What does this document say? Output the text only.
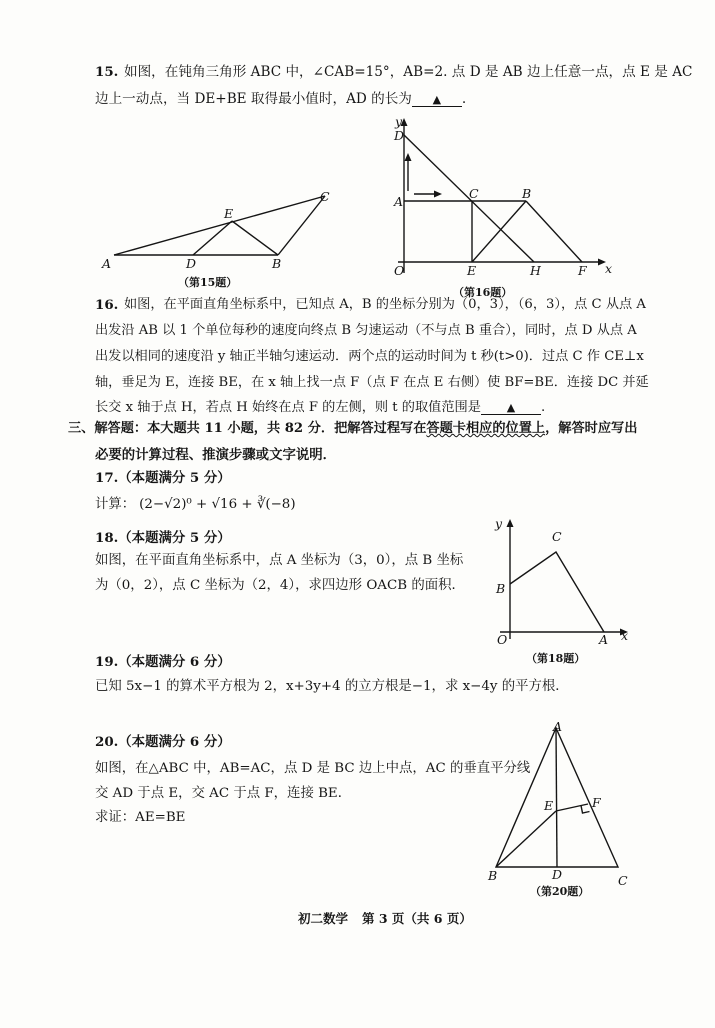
15. 如图，在钝角三角形 ABC 中，∠CAB=15°，AB=2. 点 D 是 AB 边上任意一点，点 E 是 AC
边上一动点，当 DE+BE 取得最小值时，AD 的长为 ▲ .
A	D	B
E
C
（第15题）
y
D
A
C	B
O	E	H	F x
（第16题）
16. 如图，在平面直角坐标系中，已知点 A，B 的坐标分别为（0，3），（6，3），点 C 从点 A
出发沿 AB 以 1 个单位每秒的速度向终点 B 匀速运动（不与点 B 重合），同时，点 D 从点 A
出发以相同的速度沿 y 轴正半轴匀速运动．两个点的运动时间为 t 秒(t>0)．过点 C 作 CE⊥x
轴，垂足为 E，连接 BE，在 x 轴上找一点 F（点 F 在点 E 右侧）使 BF=BE．连接 DC 并延
长交 x 轴于点 H，若点 H 始终在点 F 的左侧，则 t 的取值范围是 ▲ .
三、解答题：本大题共 11 小题，共 82 分．把解答过程写在答题卡相应的位置上，解答时应写出
必要的计算过程、推演步骤或文字说明．
17.（本题满分 5 分）
计算： (2−√2)⁰ + √16 + ∛(−8)
18.（本题满分 5 分）
如图，在平面直角坐标系中，点 A 坐标为（3，0），点 B 坐标
为（0，2），点 C 坐标为（2，4），求四边形 OACB 的面积．
y
B
C
O	A x
（第18题）
19.（本题满分 6 分）
已知 5x−1 的算术平方根为 2，x+3y+4 的立方根是−1，求 x−4y 的平方根．
20.（本题满分 6 分）
如图，在△ABC 中，AB=AC，点 D 是 BC 边上中点，AC 的垂直平分线
交 AD 于点 E，交 AC 于点 F，连接 BE．
求证：AE=BE
A
E	F
B	D	C
（第20题）
初二数学 第 3 页（共 6 页）
